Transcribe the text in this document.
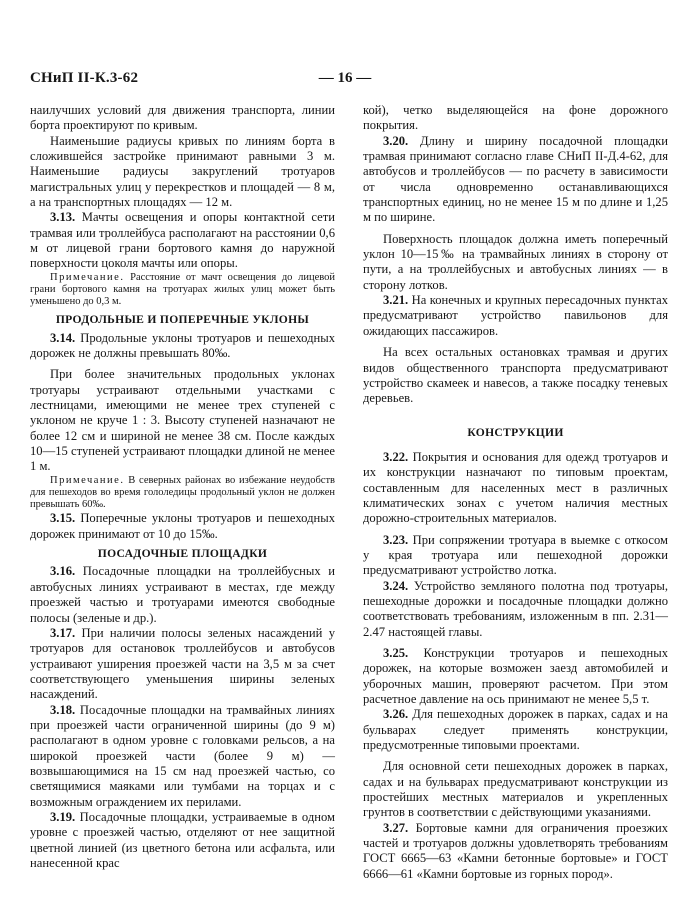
— 16 —
СНиП II-К.3-62

наилучших условий для движения транспорта, линии борта проектируют по кривым.

Наименьшие радиусы кривых по линиям борта в сложившейся застройке принимают равными 3 м. Наименьшие радиусы закруглений тротуаров магистральных улиц у перекрестков и площадей — 8 м, а на транспортных площадях — 12 м.

3.13. Мачты освещения и опоры контактной сети трамвая или троллейбуса располагают на расстоянии 0,6 м от лицевой грани бортового камня до наружной поверхности цоколя мачты или опоры.

Примечание. Расстояние от мачт освещения до лицевой грани бортового камня на тротуарах жилых улиц может быть уменьшено до 0,3 м.

ПРОДОЛЬНЫЕ И ПОПЕРЕЧНЫЕ УКЛОНЫ

3.14. Продольные уклоны тротуаров и пешеходных дорожек не должны превышать 80‰.

При более значительных продольных уклонах тротуары устраивают отдельными участками с лестницами, имеющими не менее трех ступеней с уклоном не круче 1 : 3. Высоту ступеней назначают не более 12 см и шириной не менее 38 см. После каждых 10—15 ступеней устраивают площадки длиной не менее 1 м.

Примечание. В северных районах во избежание неудобств для пешеходов во время гололедицы продольный уклон не должен превышать 60‰.

3.15. Поперечные уклоны тротуаров и пешеходных дорожек принимают от 10 до 15‰.

ПОСАДОЧНЫЕ ПЛОЩАДКИ

3.16. Посадочные площадки на троллейбусных и автобусных линиях устраивают в местах, где между проезжей частью и тротуарами имеются свободные полосы (зеленые и др.).

3.17. При наличии полосы зеленых насаждений у тротуаров для остановок троллейбусов и автобусов устраивают уширения проезжей части на 3,5 м за счет соответствующего уменьшения ширины зеленых насаждений.

3.18. Посадочные площадки на трамвайных линиях при проезжей части ограниченной ширины (до 9 м) располагают в одном уровне с головками рельсов, а на широкой проезжей части (более 9 м) — возвышающимися на 15 см над проезжей частью, со светящимися маяками или тумбами на торцах и с возможным ограждением их перилами.

3.19. Посадочные площадки, устраиваемые в одном уровне с проезжей частью, отделяют от нее защитной цветной линией (из цветного бетона или асфальта, или нанесенной крас

кой), четко выделяющейся на фоне дорожного покрытия.

3.20. Длину и ширину посадочной площадки трамвая принимают согласно главе СНиП II-Д.4-62, для автобусов и троллейбусов — по расчету в зависимости от числа одновременно останавливающихся транспортных единиц, но не менее 15 м по длине и 1,25 м по ширине.

Поверхность площадок должна иметь поперечный уклон 10—15‰ на трамвайных линиях в сторону от пути, а на троллейбусных и автобусных линиях — в сторону лотков.

3.21. На конечных и крупных пересадочных пунктах предусматривают устройство павильонов для ожидающих пассажиров.

На всех остальных остановках трамвая и других видов общественного транспорта предусматривают устройство скамеек и навесов, а также посадку теневых деревьев.

КОНСТРУКЦИИ

3.22. Покрытия и основания для одежд тротуаров и их конструкции назначают по типовым проектам, составленным для населенных мест в различных климатических зонах с учетом наличия местных дорожно-строительных материалов.

3.23. При сопряжении тротуара в выемке с откосом у края тротуара или пешеходной дорожки предусматривают устройство лотка.

3.24. Устройство земляного полотна под тротуары, пешеходные дорожки и посадочные площадки должно соответствовать требованиям, изложенным в пп. 2.31—2.47 настоящей главы.

3.25. Конструкции тротуаров и пешеходных дорожек, на которые возможен заезд автомобилей и уборочных машин, проверяют расчетом. При этом расчетное давление на ось принимают не менее 5,5 т.

3.26. Для пешеходных дорожек в парках, садах и на бульварах следует применять конструкции, предусмотренные типовыми проектами.

Для основной сети пешеходных дорожек в парках, садах и на бульварах предусматривают конструкции из простейших местных материалов и укрепленных грунтов в соответствии с действующими указаниями.

3.27. Бортовые камни для ограничения проезжих частей и тротуаров должны удовлетворять требованиям ГОСТ 6665—63 «Камни бетонные бортовые» и ГОСТ 6666—61 «Камни бортовые из горных пород».
